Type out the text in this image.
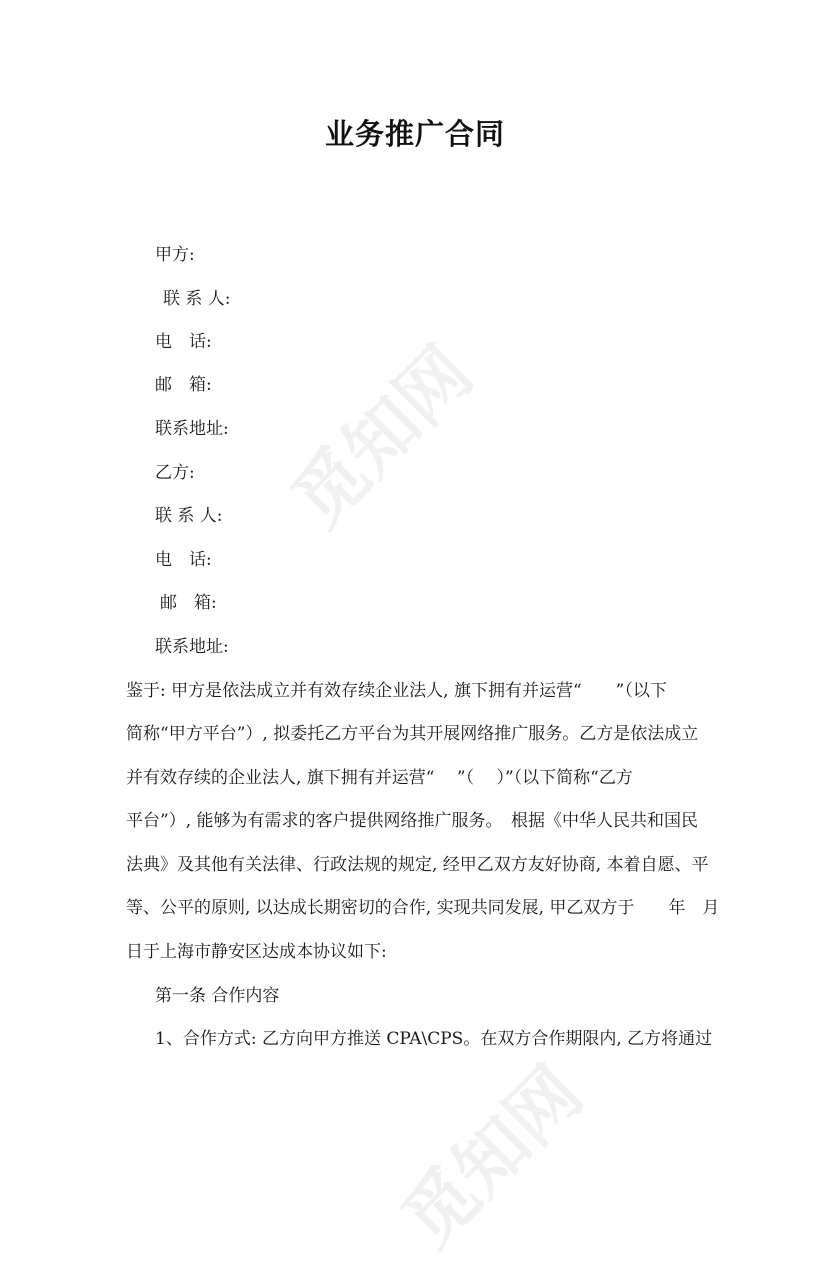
觅知网
觅知网
业务推广合同
甲方:
联 系 人:
电　话:
邮　箱:
联系地址:
乙方:
联 系 人:
电　话:
邮　箱:
联系地址:
鉴于: 甲方是依法成立并有效存续企业法人, 旗下拥有并运营“　　”（以下
简称“甲方平台”）, 拟委托乙方平台为其开展网络推广服务。乙方是依法成立
并有效存续的企业法人, 旗下拥有并运营“　 ”（　 ）”（以下简称“乙方
平台”）, 能够为有需求的客户提供网络推广服务。　根据《中华人民共和国民
法典》及其他有关法律、行政法规的规定, 经甲乙双方友好协商, 本着自愿、平
等、公平的原则, 以达成长期密切的合作, 实现共同发展, 甲乙双方于　　年　月
日于上海市静安区达成本协议如下:
第一条 合作内容
1、合作方式: 乙方向甲方推送 CPA\CPS。在双方合作期限内, 乙方将通过
